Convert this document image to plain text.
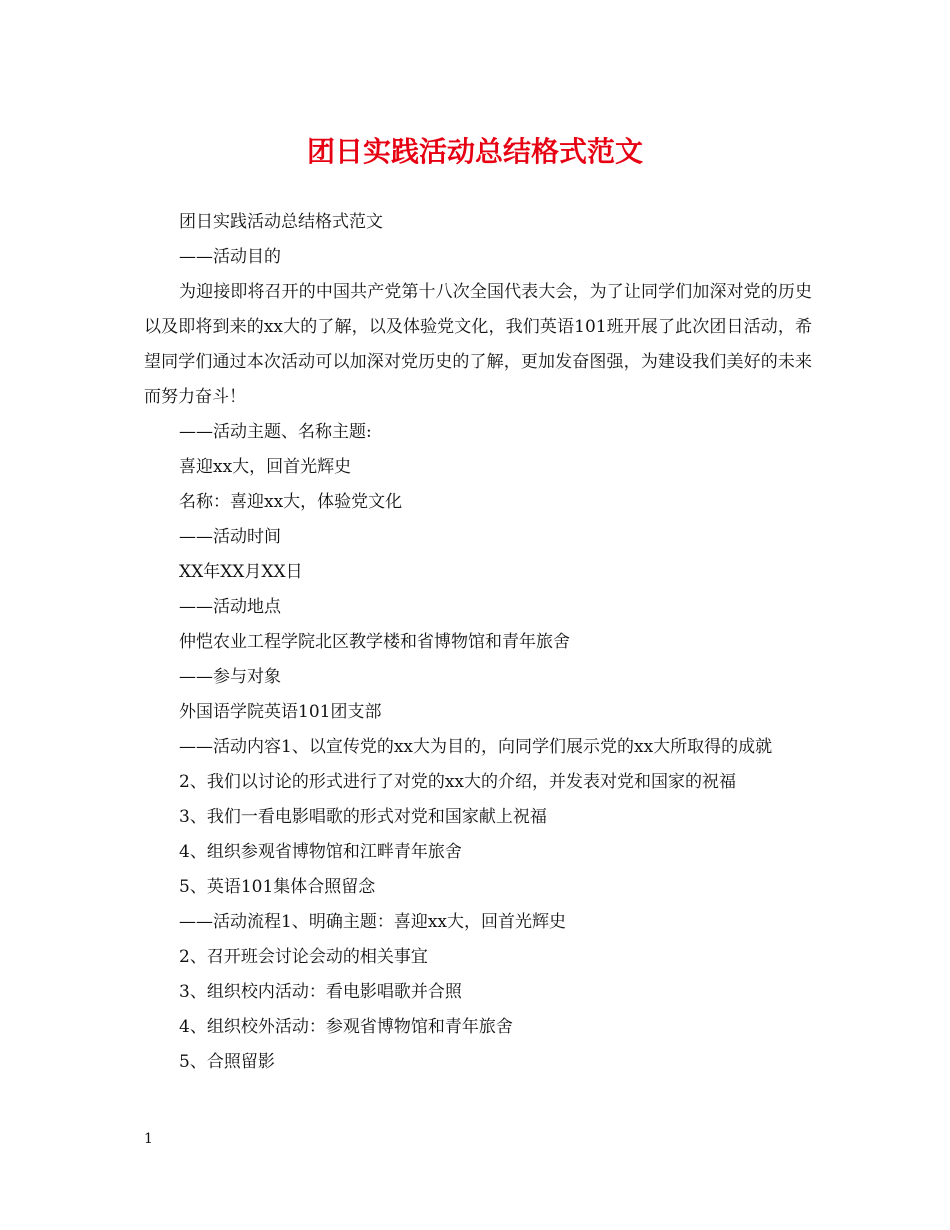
团日实践活动总结格式范文

团日实践活动总结格式范文

——活动目的

为迎接即将召开的中国共产党第十八次全国代表大会，为了让同学们加深对党的历史以及即将到来的xx大的了解，以及体验党文化，我们英语101班开展了此次团日活动，希望同学们通过本次活动可以加深对党历史的了解，更加发奋图强，为建设我们美好的未来而努力奋斗！

——活动主题、名称主题:

喜迎xx大，回首光辉史

名称：喜迎xx大，体验党文化

——活动时间

XX年XX月XX日

——活动地点

仲恺农业工程学院北区教学楼和省博物馆和青年旅舍

——参与对象

外国语学院英语101团支部

——活动内容1、以宣传党的xx大为目的，向同学们展示党的xx大所取得的成就

2、我们以讨论的形式进行了对党的xx大的介绍，并发表对党和国家的祝福

3、我们一看电影唱歌的形式对党和国家献上祝福

4、组织参观省博物馆和江畔青年旅舍

5、英语101集体合照留念

——活动流程1、明确主题：喜迎xx大，回首光辉史

2、召开班会讨论会动的相关事宜

3、组织校内活动：看电影唱歌并合照

4、组织校外活动：参观省博物馆和青年旅舍

5、合照留影

1
